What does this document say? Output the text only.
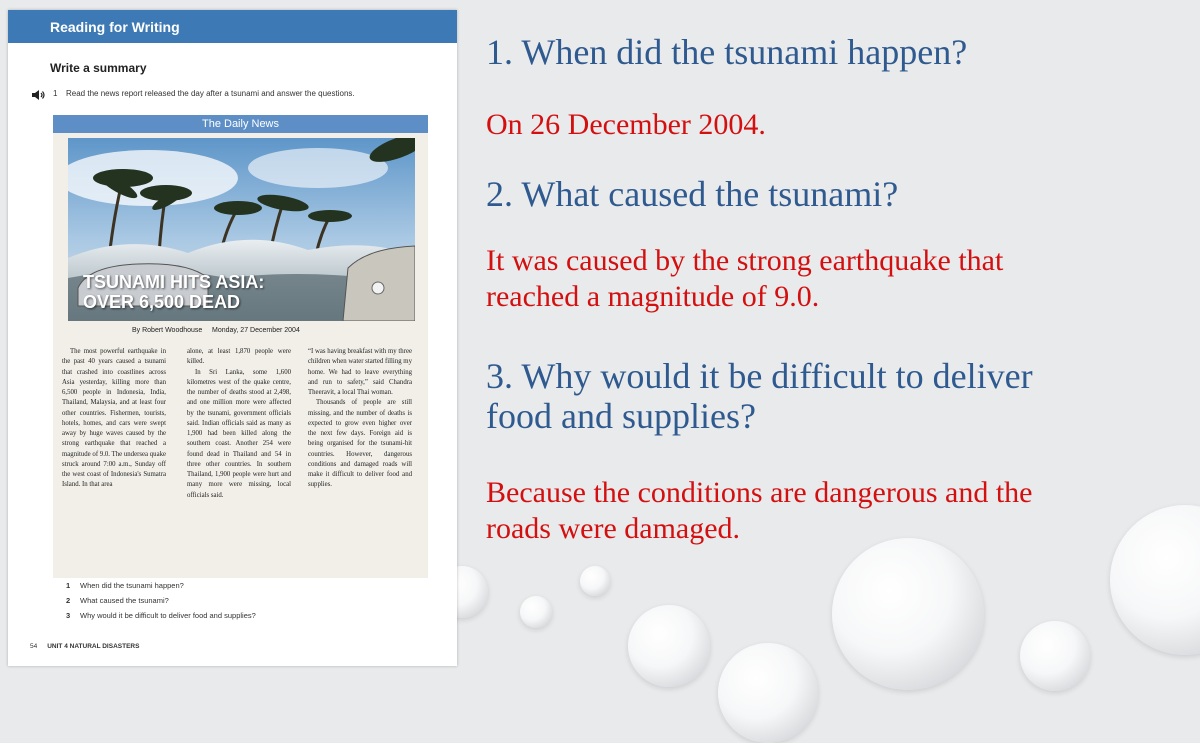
Reading for Writing
Write a summary
1 Read the news report released the day after a tsunami and answer the questions.
The Daily News
TSUNAMI HITS ASIA:
OVER 6,500 DEAD
By Robert Woodhouse     Monday, 27 December 2004

The most powerful earthquake in the past 40 years caused a tsunami that crashed into coastlines across Asia yesterday, killing more than 6,500 people in Indonesia, India, Thailand, Malaysia, and at least four other countries. Fishermen, tourists, hotels, homes, and cars were swept away by huge waves caused by the strong earthquake that reached a magnitude of 9.0. The undersea quake struck around 7:00 a.m., Sunday off the west coast of Indonesia's Sumatra Island. In that area

alone, at least 1,870 people were killed.

In Sri Lanka, some 1,600 kilometres west of the quake centre, the number of deaths stood at 2,498, and one million more were affected by the tsunami, government officials said. Indian officials said as many as 1,900 had been killed along the southern coast. Another 254 were found dead in Thailand and 54 in three other countries. In southern Thailand, 1,900 people were hurt and many more were missing, local officials said.

“I was having breakfast with my three children when water started filling my home. We had to leave everything and run to safety,” said Chandra Theeravit, a local Thai woman.

Thousands of people are still missing, and the number of deaths is expected to grow even higher over the next few days. Foreign aid is being organised for the tsunami-hit countries. However, dangerous conditions and damaged roads will make it difficult to deliver food and supplies.

1 When did the tsunami happen?
2 What caused the tsunami?
3 Why would it be difficult to deliver food and supplies?
54 UNIT 4 NATURAL DISASTERS
1. When did the tsunami happen?
On 26 December 2004.
2. What caused the tsunami?
It was caused by the strong earthquake that
reached a magnitude of 9.0.
3. Why would it be difficult to deliver
food and supplies?
Because the conditions are dangerous and the
roads were damaged.
